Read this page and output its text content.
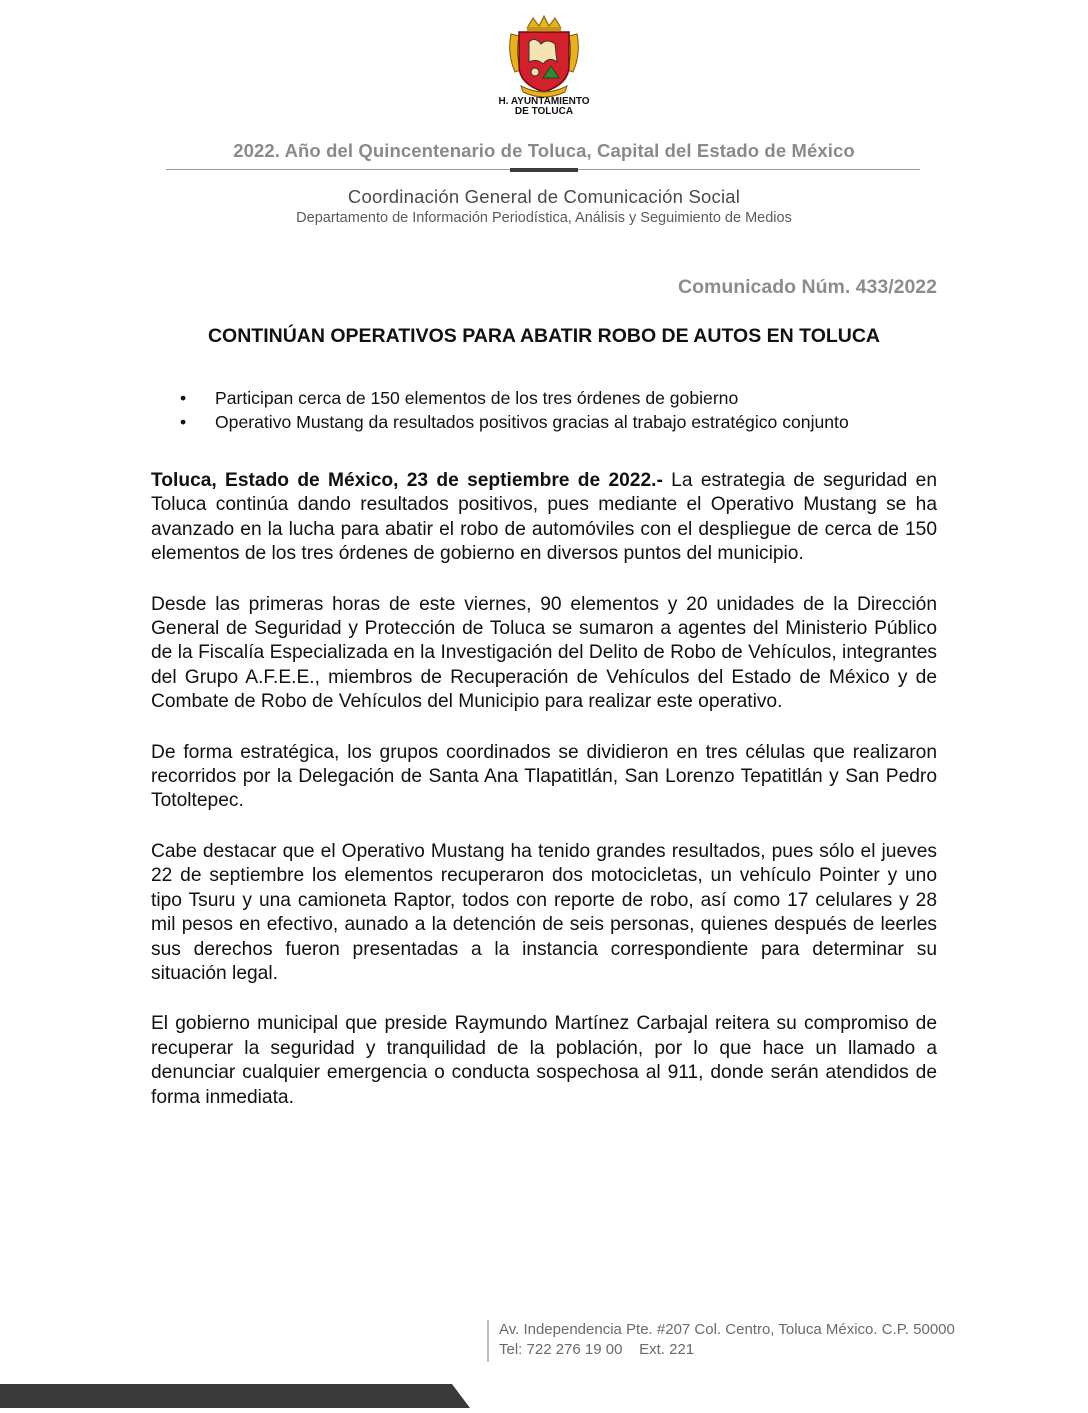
H. AYUNTAMIENTO
DE TOLUCA
2022. Año del Quincentenario de Toluca, Capital del Estado de México
Coordinación General de Comunicación Social
Departamento de Información Periodística, Análisis y Seguimiento de Medios
Comunicado Núm. 433/2022
CONTINÚAN OPERATIVOS PARA ABATIR ROBO DE AUTOS EN TOLUCA
•	Participan cerca de 150 elementos de los tres órdenes de gobierno
•	Operativo Mustang da resultados positivos gracias al trabajo estratégico conjunto

Toluca, Estado de México, 23 de septiembre de 2022.- La estrategia de seguridad en Toluca continúa dando resultados positivos, pues mediante el Operativo Mustang se ha avanzado en la lucha para abatir el robo de automóviles con el despliegue de cerca de 150 elementos de los tres órdenes de gobierno en diversos puntos del municipio.

Desde las primeras horas de este viernes, 90 elementos y 20 unidades de la Dirección General de Seguridad y Protección de Toluca se sumaron a agentes del Ministerio Público de la Fiscalía Especializada en la Investigación del Delito de Robo de Vehículos, integrantes del Grupo A.F.E.E., miembros de Recuperación de Vehículos del Estado de México y de Combate de Robo de Vehículos del Municipio para realizar este operativo.

De forma estratégica, los grupos coordinados se dividieron en tres células que realizaron recorridos por la Delegación de Santa Ana Tlapatitlán, San Lorenzo Tepatitlán y San Pedro Totoltepec.

Cabe destacar que el Operativo Mustang ha tenido grandes resultados, pues sólo el jueves 22 de septiembre los elementos recuperaron dos motocicletas, un vehículo Pointer y uno tipo Tsuru y una camioneta Raptor, todos con reporte de robo, así como 17 celulares y 28 mil pesos en efectivo, aunado a la detención de seis personas, quienes después de leerles sus derechos fueron presentadas a la instancia correspondiente para determinar su situación legal.

El gobierno municipal que preside Raymundo Martínez Carbajal reitera su compromiso de recuperar la seguridad y tranquilidad de la población, por lo que hace un llamado a denunciar cualquier emergencia o conducta sospechosa al 911, donde serán atendidos de forma inmediata.

Av. Independencia Pte. #207 Col. Centro, Toluca México. C.P. 50000
Tel: 722 276 19 00    Ext. 221
